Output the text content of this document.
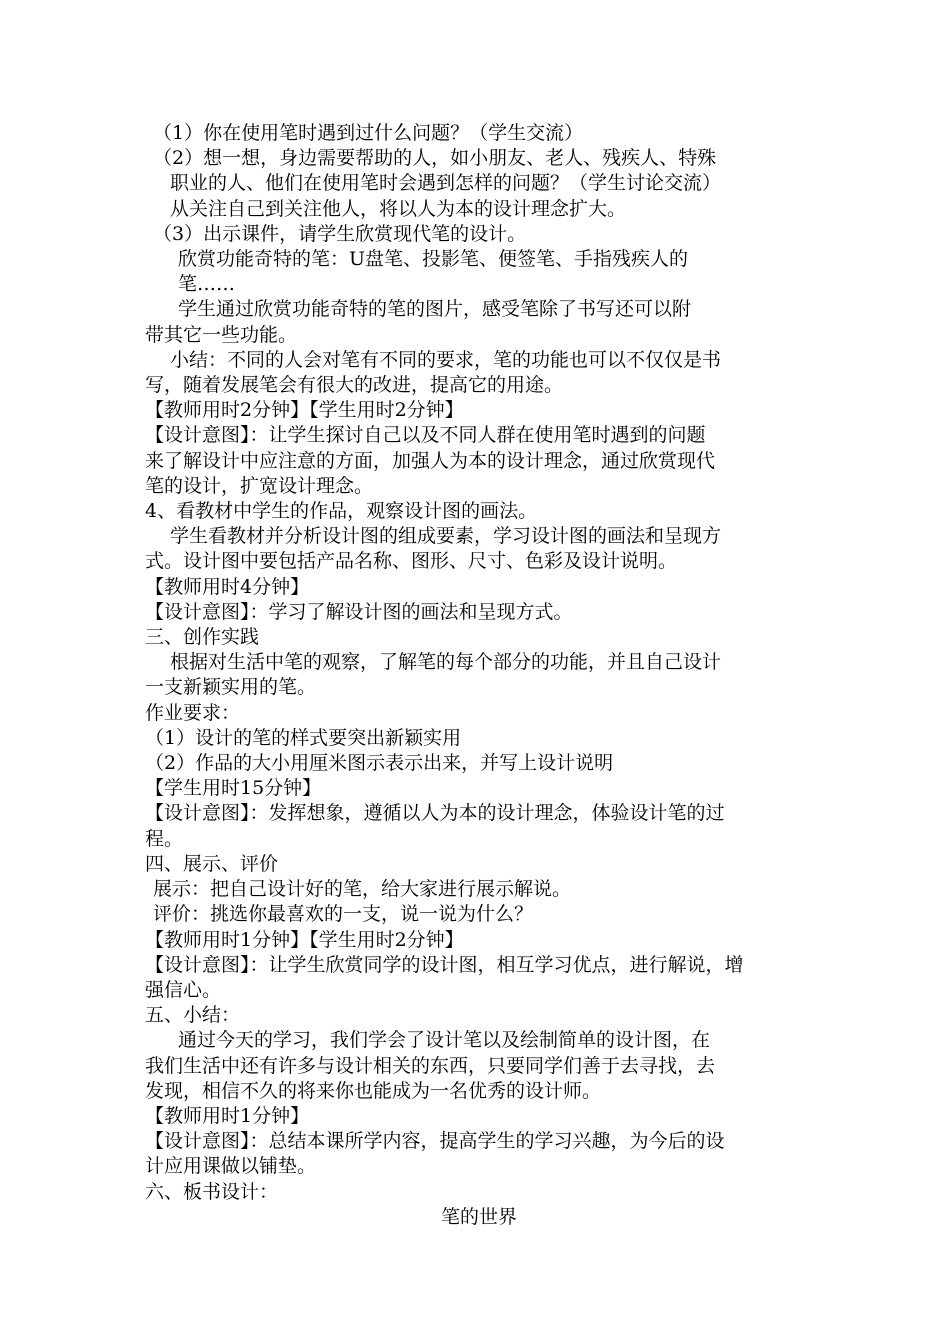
（1）你在使用笔时遇到过什么问题？（学生交流）
（2）想一想，身边需要帮助的人，如小朋友、老人、残疾人、特殊
职业的人、他们在使用笔时会遇到怎样的问题？（学生讨论交流）
从关注自己到关注他人，将以人为本的设计理念扩大。
（3）出示课件，请学生欣赏现代笔的设计。
欣赏功能奇特的笔：U盘笔、投影笔、便签笔、手指残疾人的
笔……
学生通过欣赏功能奇特的笔的图片，感受笔除了书写还可以附
带其它一些功能。
小结：不同的人会对笔有不同的要求，笔的功能也可以不仅仅是书
写，随着发展笔会有很大的改进，提高它的用途。
【教师用时2分钟】【学生用时2分钟】
【设计意图】：让学生探讨自己以及不同人群在使用笔时遇到的问题
来了解设计中应注意的方面，加强人为本的设计理念，通过欣赏现代
笔的设计，扩宽设计理念。
4、看教材中学生的作品，观察设计图的画法。
学生看教材并分析设计图的组成要素，学习设计图的画法和呈现方
式。设计图中要包括产品名称、图形、尺寸、色彩及设计说明。
【教师用时4分钟】
【设计意图】：学习了解设计图的画法和呈现方式。
三、创作实践
根据对生活中笔的观察，了解笔的每个部分的功能，并且自己设计
一支新颖实用的笔。
作业要求：
（1）设计的笔的样式要突出新颖实用
（2）作品的大小用厘米图示表示出来，并写上设计说明
【学生用时15分钟】
【设计意图】：发挥想象，遵循以人为本的设计理念，体验设计笔的过
程。
四、展示、评价
展示：把自己设计好的笔，给大家进行展示解说。
评价：挑选你最喜欢的一支，说一说为什么？
【教师用时1分钟】【学生用时2分钟】
【设计意图】：让学生欣赏同学的设计图，相互学习优点，进行解说，增
强信心。
五、小结：
通过今天的学习，我们学会了设计笔以及绘制简单的设计图，在
我们生活中还有许多与设计相关的东西，只要同学们善于去寻找，去
发现，相信不久的将来你也能成为一名优秀的设计师。
【教师用时1分钟】
【设计意图】：总结本课所学内容，提高学生的学习兴趣，为今后的设
计应用课做以铺垫。
六、板书设计：
笔的世界
